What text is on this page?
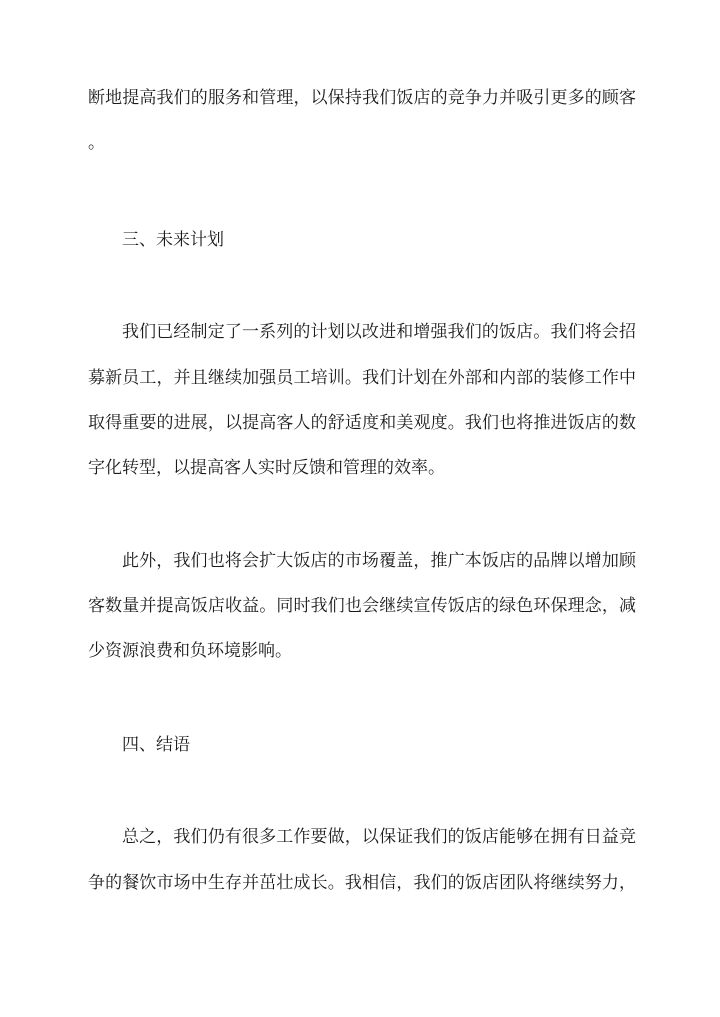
断地提高我们的服务和管理，以保持我们饭店的竞争力并吸引更多的顾客
。
三、未来计划
我们已经制定了一系列的计划以改进和增强我们的饭店。我们将会招
募新员工，并且继续加强员工培训。我们计划在外部和内部的装修工作中
取得重要的进展，以提高客人的舒适度和美观度。我们也将推进饭店的数
字化转型，以提高客人实时反馈和管理的效率。
此外，我们也将会扩大饭店的市场覆盖，推广本饭店的品牌以增加顾
客数量并提高饭店收益。同时我们也会继续宣传饭店的绿色环保理念，减
少资源浪费和负环境影响。
四、结语
总之，我们仍有很多工作要做，以保证我们的饭店能够在拥有日益竞
争的餐饮市场中生存并茁壮成长。我相信，我们的饭店团队将继续努力，
